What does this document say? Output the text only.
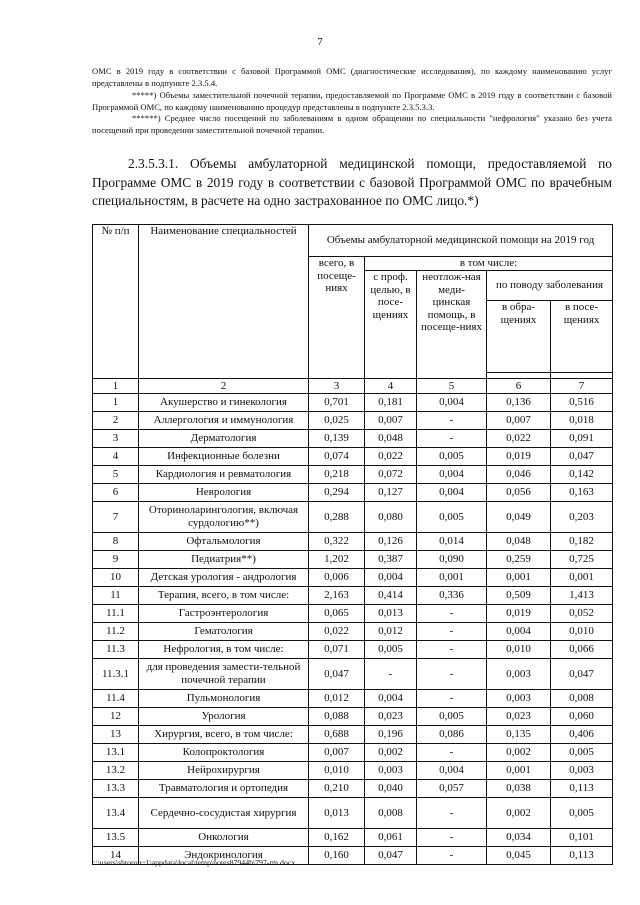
7
ОМС в 2019 году в соответствии с базовой Программой ОМС (диагностические исследования), по каждому наименованию услуг представлены в подпункте 2.3.5.4.
*****) Объемы заместительной почечной терапии, предоставляемой по Программе ОМС в 2019 году в соответствии с базовой Программой ОМС, по каждому наименованию процедур представлены в подпункте 2.3.5.3.3.
******) Среднее число посещений по заболеваниям в одном обращении по специальности "нефрология" указано без учета посещений при проведении заместительной почечной терапии.
2.3.5.3.1. Объемы амбулаторной медицинской помощи, предоставляемой по Программе ОМС в 2019 году в соответствии с базовой Программой ОМС по врачебным специальностям, в расчете на одно застрахованное по ОМС лицо.*)
№ п/п	Наименование специальностей	Объемы амбулаторной медицинской помощи на 2019 год				
		всего, в посеще-ниях	в том числе:			
			с проф. целью, в посе-щениях	неотлож-ная меди-цинская помощь, в посеще-ниях	по поводу заболевания	
					в обра-щениях	в посе-щениях

1	2	3	4	5	6	7
1	Акушерство и гинекология	0,701	0,181	0,004	0,136	0,516
2	Аллергология и иммунология	0,025	0,007	-	0,007	0,018
3	Дерматология	0,139	0,048	-	0,022	0,091
4	Инфекционные болезни	0,074	0,022	0,005	0,019	0,047
5	Кардиология и ревматология	0,218	0,072	0,004	0,046	0,142
6	Неврология	0,294	0,127	0,004	0,056	0,163
7	Оториноларингология, включая сурдологию**)	0,288	0,080	0,005	0,049	0,203
8	Офтальмология	0,322	0,126	0,014	0,048	0,182
9	Педиатрия**)	1,202	0,387	0,090	0,259	0,725
10	Детская урология - андрология	0,006	0,004	0,001	0,001	0,001
11	Терапия, всего, в том числе:	2,163	0,414	0,336	0,509	1,413
11.1	Гастроэнтерология	0,065	0,013	-	0,019	0,052
11.2	Гематология	0,022	0,012	-	0,004	0,010
11.3	Нефрология, в том числе:	0,071	0,005	-	0,010	0,066
11.3.1	для проведения замести-тельной почечной терапии	0,047	-	-	0,003	0,047
11.4	Пульмонология	0,012	0,004	-	0,003	0,008
12	Урология	0,088	0,023	0,005	0,023	0,060
13	Хирургия, всего, в том числе:	0,688	0,196	0,086	0,135	0,406
13.1	Колопроктология	0,007	0,002	-	0,002	0,005
13.2	Нейрохирургия	0,010	0,003	0,004	0,001	0,003
13.3	Травматология и ортопедия	0,210	0,040	0,057	0,038	0,113
13.4	Сердечно-сосудистая хирургия	0,013	0,008	-	0,002	0,005
13.5	Онкология	0,162	0,061	-	0,034	0,101
14	Эндокринология	0,160	0,047	-	0,045	0,113
c:\users\shtoroh~1\appdata\local\temp\notes87944b\797-rm.docx
